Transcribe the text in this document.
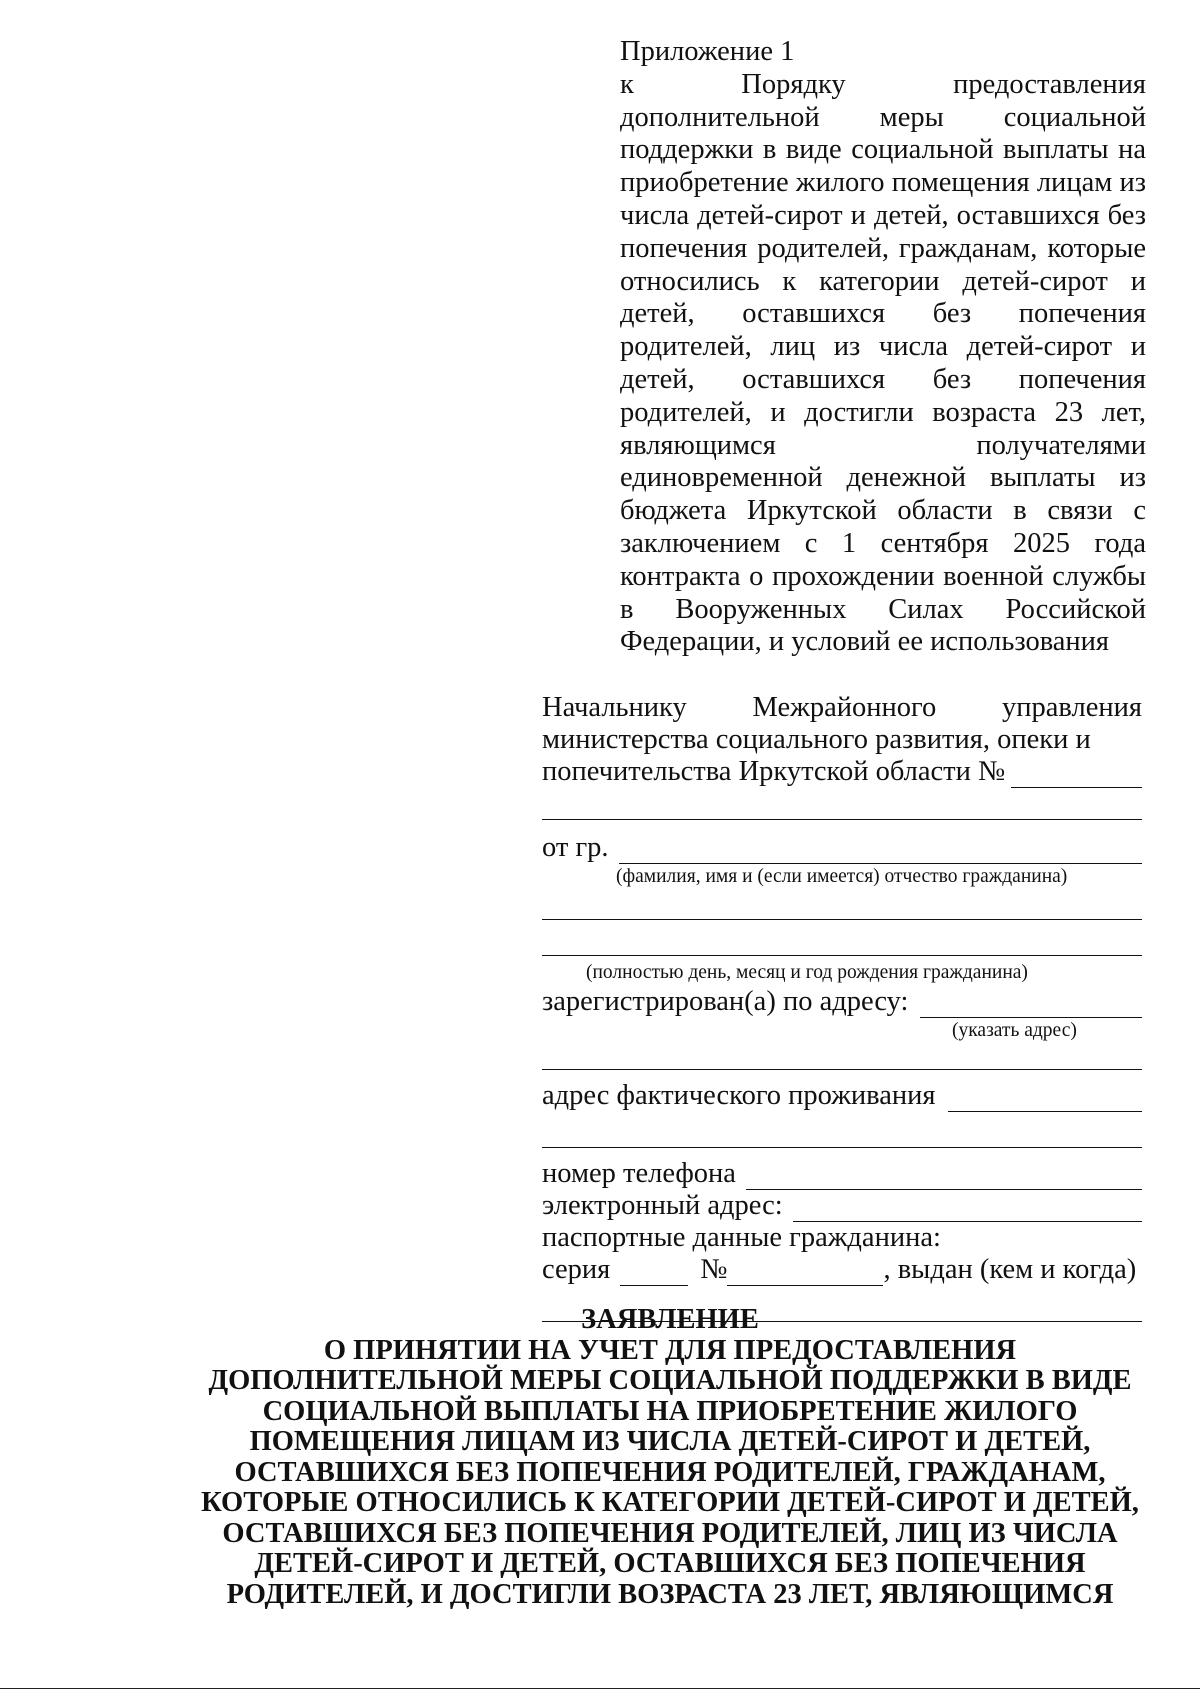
Приложение 1
к Порядку предоставления дополнительной меры социальной поддержки в виде социальной выплаты на приобретение жилого помещения лицам из числа детей-сирот и детей, оставшихся без попечения родителей, гражданам, которые относились к категории детей-сирот и детей, оставшихся без попечения родителей, лиц из числа детей-сирот и детей, оставшихся без попечения родителей, и достигли возраста 23 лет, являющимся получателями единовременной денежной выплаты из бюджета Иркутской области в связи с заключением с 1 сентября 2025 года контракта о прохождении военной службы в Вооруженных Силах Российской Федерации, и условий ее использования
Начальнику Межрайонного управления министерства социального развития, опеки и
попечительства Иркутской области №
от гр.
(фамилия, имя и (если имеется) отчество гражданина)
(полностью день, месяц и год рождения гражданина)
зарегистрирован(а) по адресу:
(указать адрес)
адрес фактического проживания
номер телефона
электронный адрес:
паспортные данные гражданина:
серия	№	, выдан (кем и когда)
ЗАЯВЛЕНИЕ
О ПРИНЯТИИ НА УЧЕТ ДЛЯ ПРЕДОСТАВЛЕНИЯ
ДОПОЛНИТЕЛЬНОЙ МЕРЫ СОЦИАЛЬНОЙ ПОДДЕРЖКИ В ВИДЕ
СОЦИАЛЬНОЙ ВЫПЛАТЫ НА ПРИОБРЕТЕНИЕ ЖИЛОГО
ПОМЕЩЕНИЯ ЛИЦАМ ИЗ ЧИСЛА ДЕТЕЙ-СИРОТ И ДЕТЕЙ,
ОСТАВШИХСЯ БЕЗ ПОПЕЧЕНИЯ РОДИТЕЛЕЙ, ГРАЖДАНАМ,
КОТОРЫЕ ОТНОСИЛИСЬ К КАТЕГОРИИ ДЕТЕЙ-СИРОТ И ДЕТЕЙ,
ОСТАВШИХСЯ БЕЗ ПОПЕЧЕНИЯ РОДИТЕЛЕЙ, ЛИЦ ИЗ ЧИСЛА
ДЕТЕЙ-СИРОТ И ДЕТЕЙ, ОСТАВШИХСЯ БЕЗ ПОПЕЧЕНИЯ
РОДИТЕЛЕЙ, И ДОСТИГЛИ ВОЗРАСТА 23 ЛЕТ, ЯВЛЯЮЩИМСЯ
